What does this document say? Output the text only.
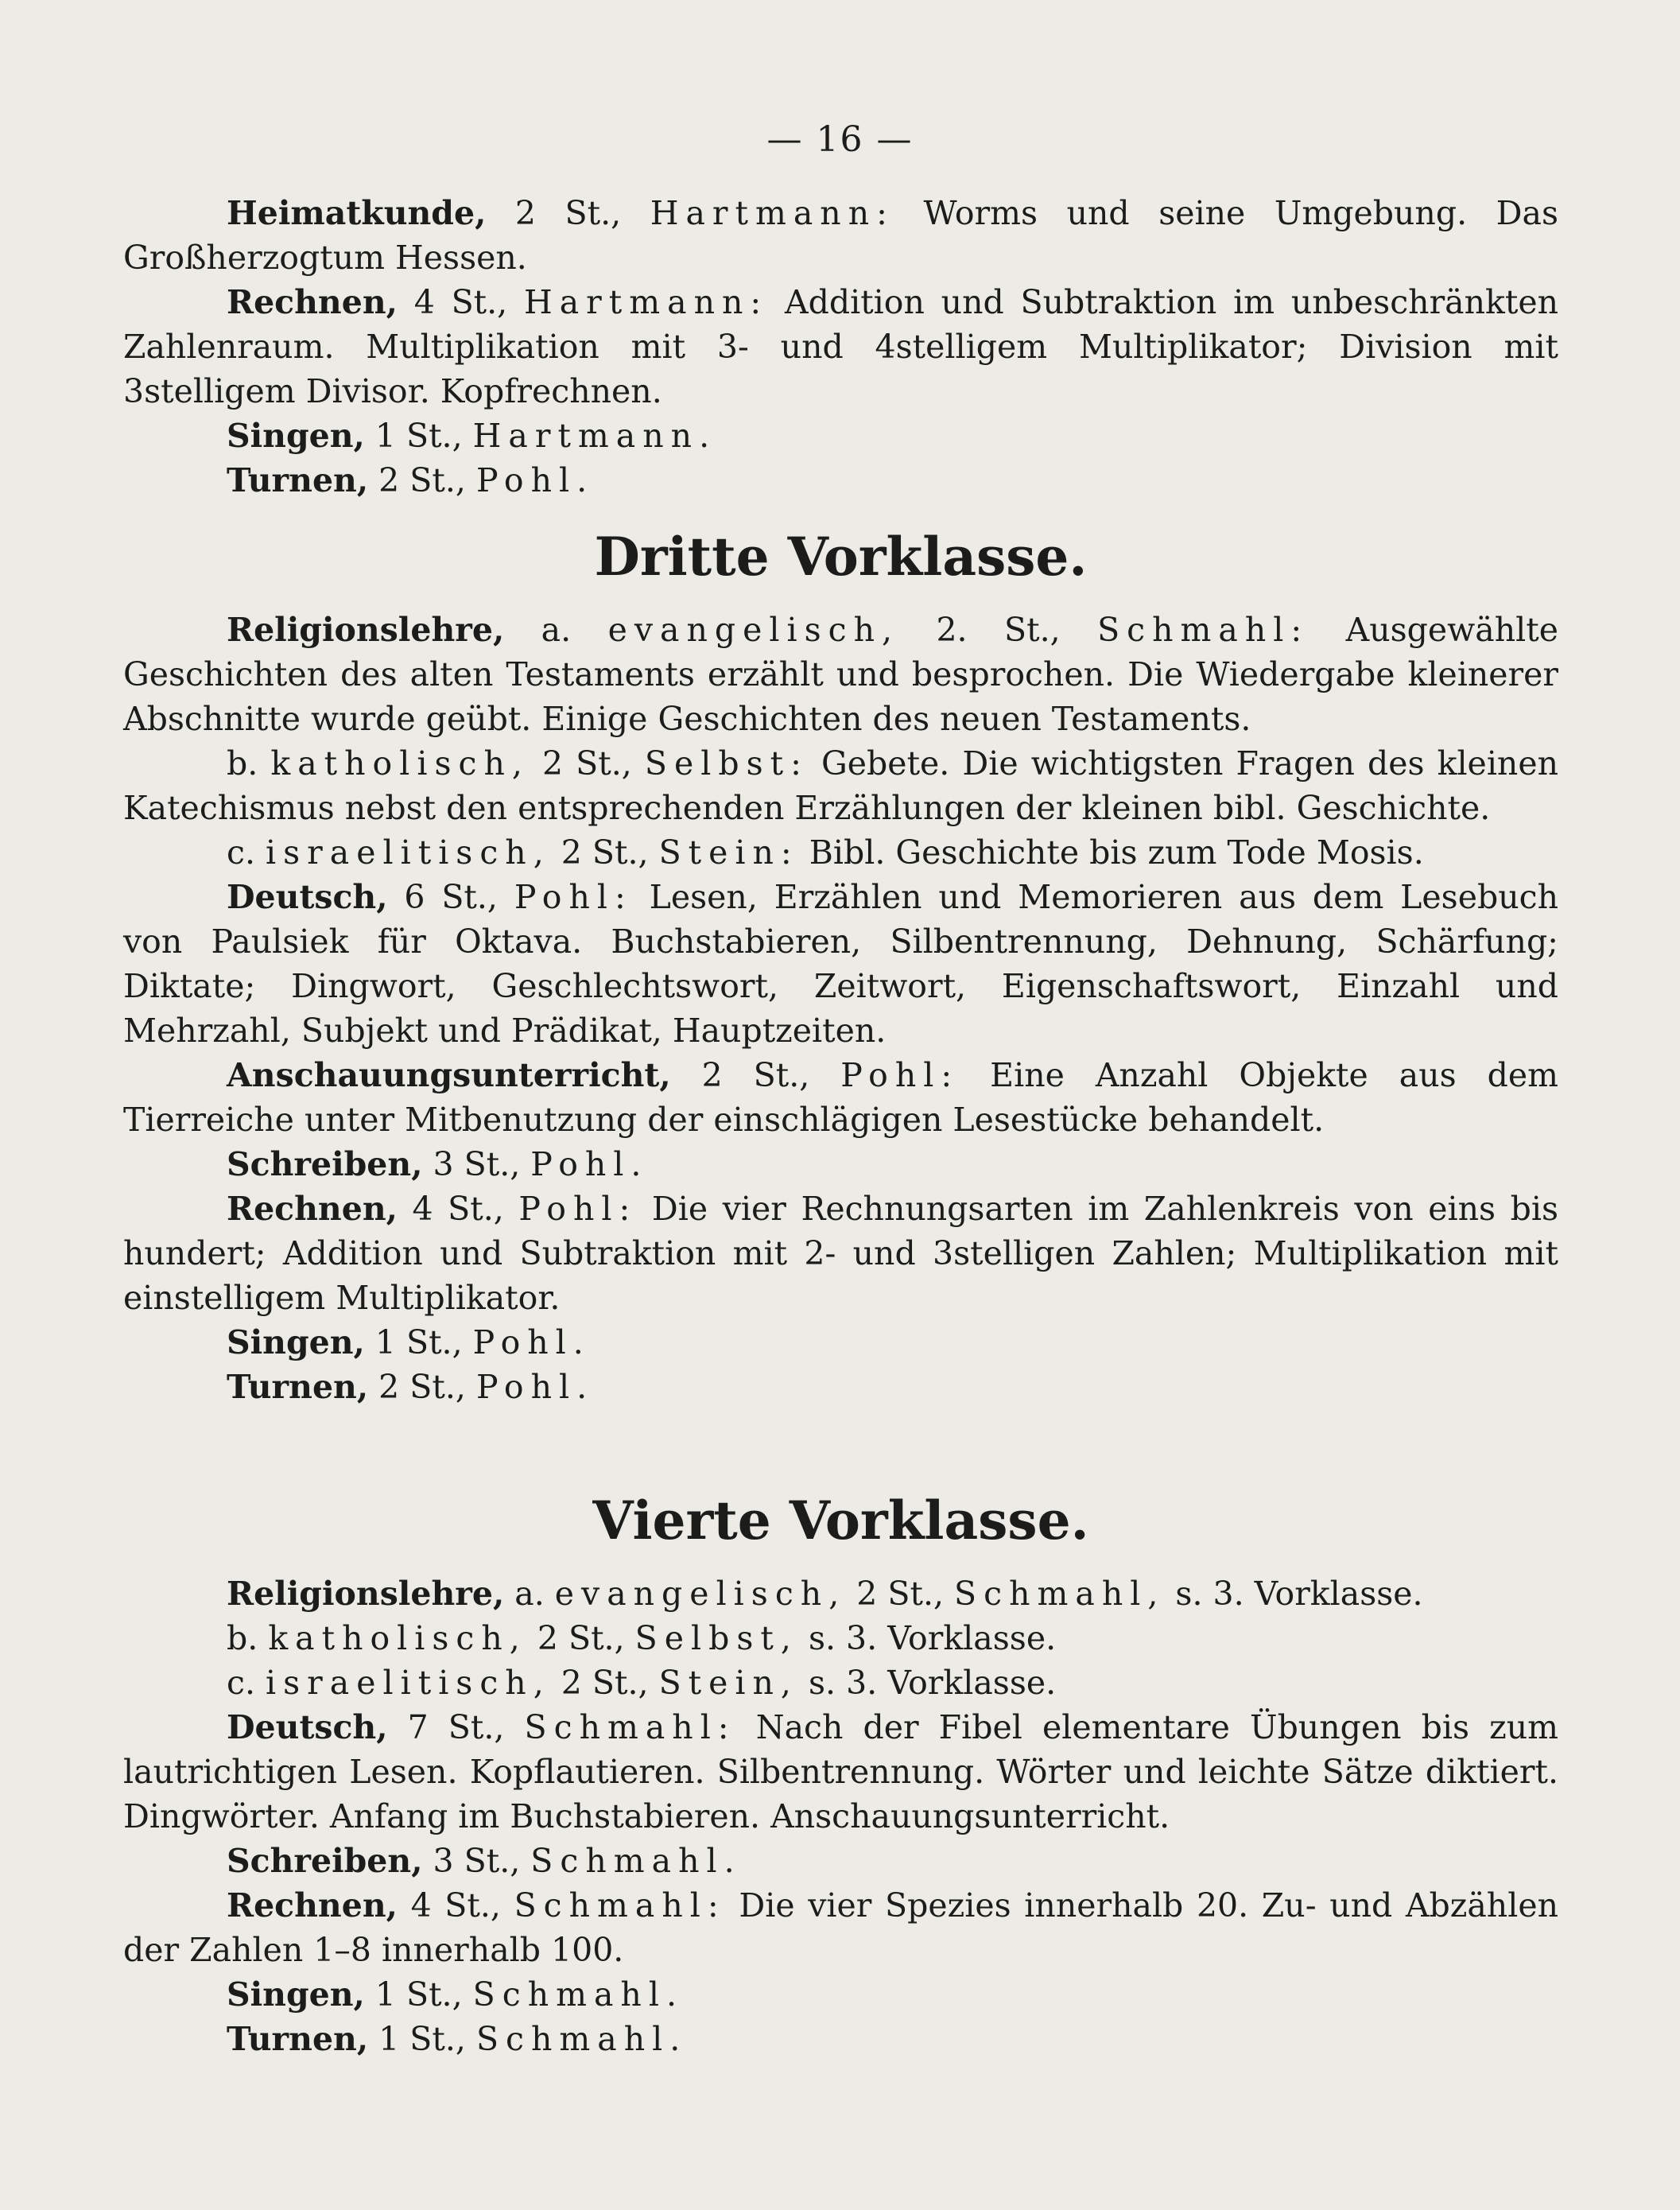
— 16 —

Heimatkunde, 2 St., Hartmann: Worms und seine Umgebung. Das Großherzogtum Hessen.

Rechnen, 4 St., Hartmann: Addition und Subtraktion im unbeschränkten Zahlenraum. Multiplikation mit 3- und 4stelligem Multiplikator; Division mit 3stelligem Divisor. Kopfrechnen.

Singen, 1 St., Hartmann.

Turnen, 2 St., Pohl.

Dritte Vorklasse.

Religionslehre, a. evangelisch, 2. St., Schmahl: Ausgewählte Geschichten des alten Testaments erzählt und besprochen. Die Wiedergabe kleinerer Abschnitte wurde geübt. Einige Geschichten des neuen Testaments.

b. katholisch, 2 St., Selbst: Gebete. Die wichtigsten Fragen des kleinen Katechismus nebst den entsprechenden Erzählungen der kleinen bibl. Geschichte.

c. israelitisch, 2 St., Stein: Bibl. Geschichte bis zum Tode Mosis.

Deutsch, 6 St., Pohl: Lesen, Erzählen und Memorieren aus dem Lesebuch von Paulsiek für Oktava. Buchstabieren, Silbentrennung, Dehnung, Schärfung; Diktate; Dingwort, Geschlechtswort, Zeitwort, Eigenschaftswort, Einzahl und Mehrzahl, Subjekt und Prädikat, Hauptzeiten.

Anschauungsunterricht, 2 St., Pohl: Eine Anzahl Objekte aus dem Tierreiche unter Mitbenutzung der einschlägigen Lesestücke behandelt.

Schreiben, 3 St., Pohl.

Rechnen, 4 St., Pohl: Die vier Rechnungsarten im Zahlenkreis von eins bis hundert; Addition und Subtraktion mit 2- und 3stelligen Zahlen; Multiplikation mit einstelligem Multiplikator.

Singen, 1 St., Pohl.

Turnen, 2 St., Pohl.

Vierte Vorklasse.

Religionslehre, a. evangelisch, 2 St., Schmahl, s. 3. Vorklasse.

b. katholisch, 2 St., Selbst, s. 3. Vorklasse.

c. israelitisch, 2 St., Stein, s. 3. Vorklasse.

Deutsch, 7 St., Schmahl: Nach der Fibel elementare Übungen bis zum lautrichtigen Lesen. Kopflautieren. Silbentrennung. Wörter und leichte Sätze diktiert. Dingwörter. Anfang im Buchstabieren. Anschauungsunterricht.

Schreiben, 3 St., Schmahl.

Rechnen, 4 St., Schmahl: Die vier Spezies innerhalb 20. Zu- und Abzählen der Zahlen 1–8 innerhalb 100.

Singen, 1 St., Schmahl.

Turnen, 1 St., Schmahl.
